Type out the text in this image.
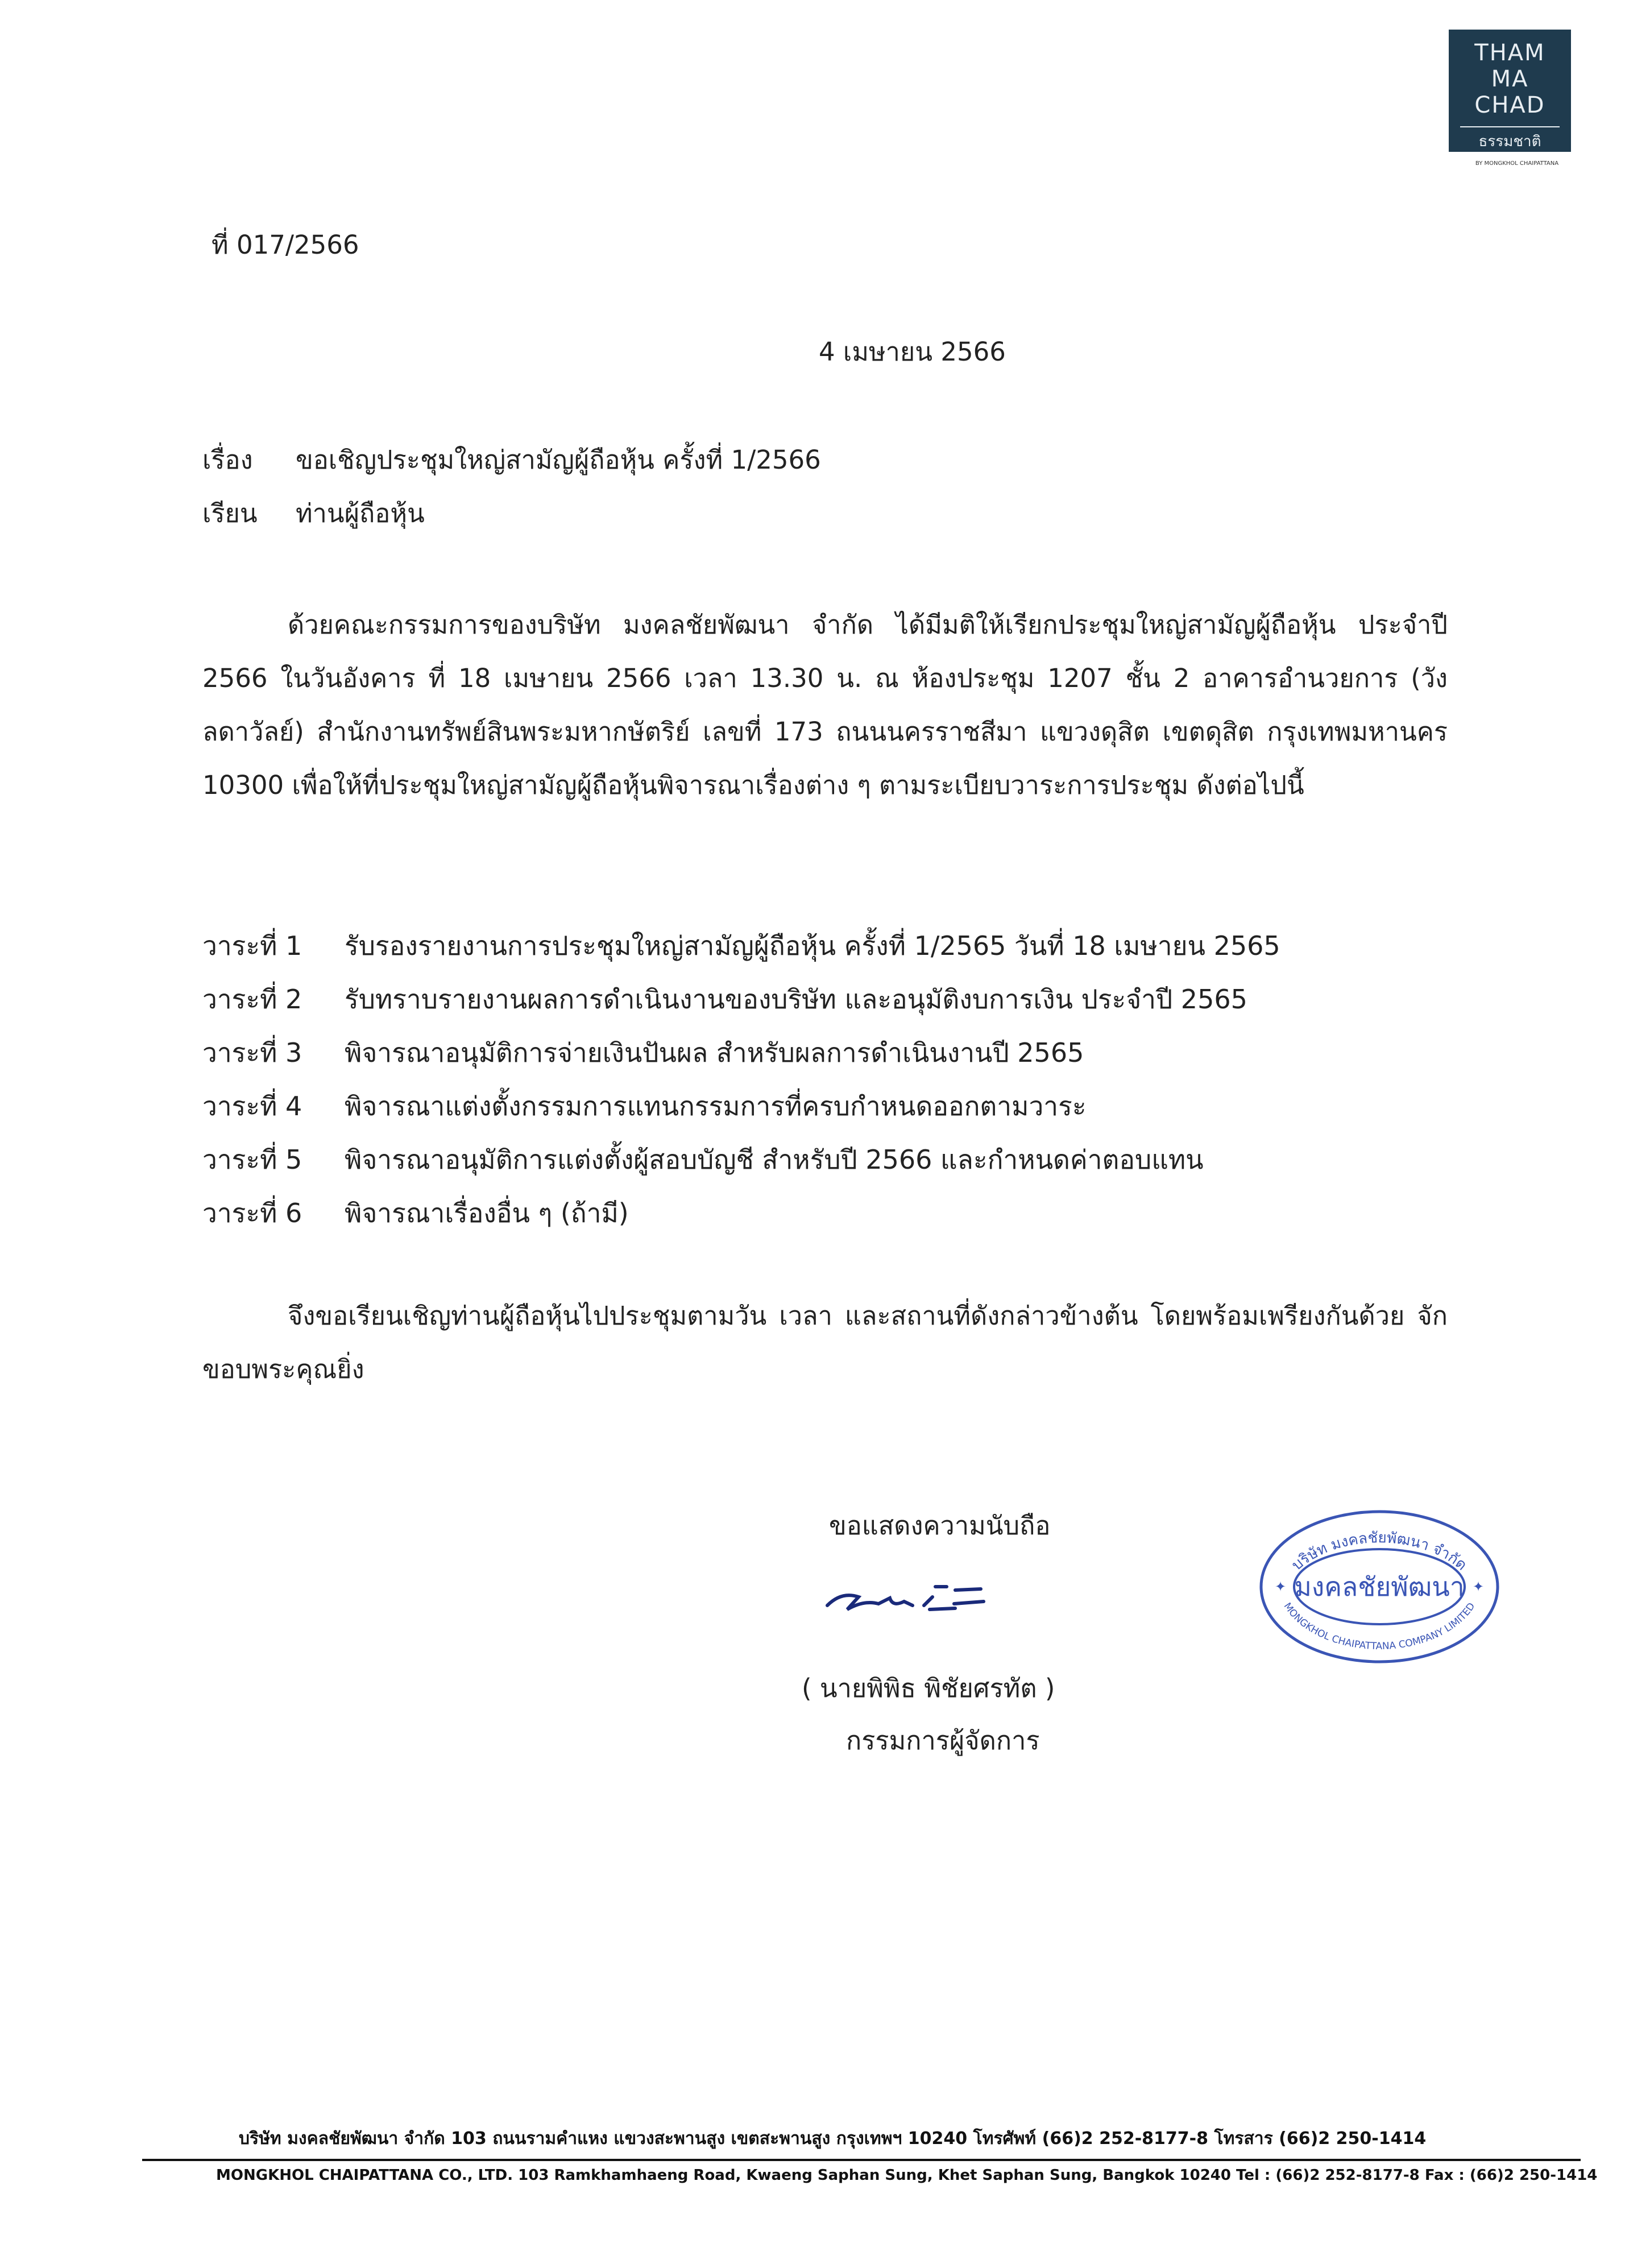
THAM
MA
CHAD
ธรรมชาติ
BY MONGKHOL CHAIPATTANA
ที่ 017/2566
4 เมษายน 2566
เรื่อง ขอเชิญประชุมใหญ่สามัญผู้ถือหุ้น ครั้งที่ 1/2566
เรียน ท่านผู้ถือหุ้น
ด้วยคณะกรรมการของบริษัท มงคลชัยพัฒนา จำกัด ได้มีมติให้เรียกประชุมใหญ่สามัญผู้ถือหุ้น ประจำปี 2566 ในวันอังคาร ที่ 18 เมษายน 2566 เวลา 13.30 น. ณ ห้องประชุม 1207 ชั้น 2 อาคารอำนวยการ (วังลดาวัลย์) สำนักงานทรัพย์สินพระมหากษัตริย์ เลขที่ 173 ถนนนครราชสีมา แขวงดุสิต เขตดุสิต กรุงเทพมหานคร 10300 เพื่อให้ที่ประชุมใหญ่สามัญผู้ถือหุ้นพิจารณาเรื่องต่าง ๆ ตามระเบียบวาระการประชุม ดังต่อไปนี้
วาระที่ 1 รับรองรายงานการประชุมใหญ่สามัญผู้ถือหุ้น ครั้งที่ 1/2565 วันที่ 18 เมษายน 2565
วาระที่ 2 รับทราบรายงานผลการดำเนินงานของบริษัท และอนุมัติงบการเงิน ประจำปี 2565
วาระที่ 3 พิจารณาอนุมัติการจ่ายเงินปันผล สำหรับผลการดำเนินงานปี 2565
วาระที่ 4 พิจารณาแต่งตั้งกรรมการแทนกรรมการที่ครบกำหนดออกตามวาระ
วาระที่ 5 พิจารณาอนุมัติการแต่งตั้งผู้สอบบัญชี สำหรับปี 2566 และกำหนดค่าตอบแทน
วาระที่ 6 พิจารณาเรื่องอื่น ๆ (ถ้ามี)
จึงขอเรียนเชิญท่านผู้ถือหุ้นไปประชุมตามวัน เวลา และสถานที่ดังกล่าวข้างต้น โดยพร้อมเพรียงกันด้วย จักขอบพระคุณยิ่ง
ขอแสดงความนับถือ
( นายพิพิธ พิชัยศรทัต )
กรรมการผู้จัดการ
บริษัท มงคลชัยพัฒนา จำกัด
มงคลชัยพัฒนา
MONGKHOL CHAIPATTANA COMPANY LIMITED
✦	✦
บริษัท มงคลชัยพัฒนา จำกัด 103 ถนนรามคำแหง แขวงสะพานสูง เขตสะพานสูง กรุงเทพฯ 10240 โทรศัพท์ (66)2 252-8177-8 โทรสาร (66)2 250-1414
MONGKHOL CHAIPATTANA CO., LTD. 103 Ramkhamhaeng Road, Kwaeng Saphan Sung, Khet Saphan Sung, Bangkok 10240 Tel : (66)2 252-8177-8 Fax : (66)2 250-1414
